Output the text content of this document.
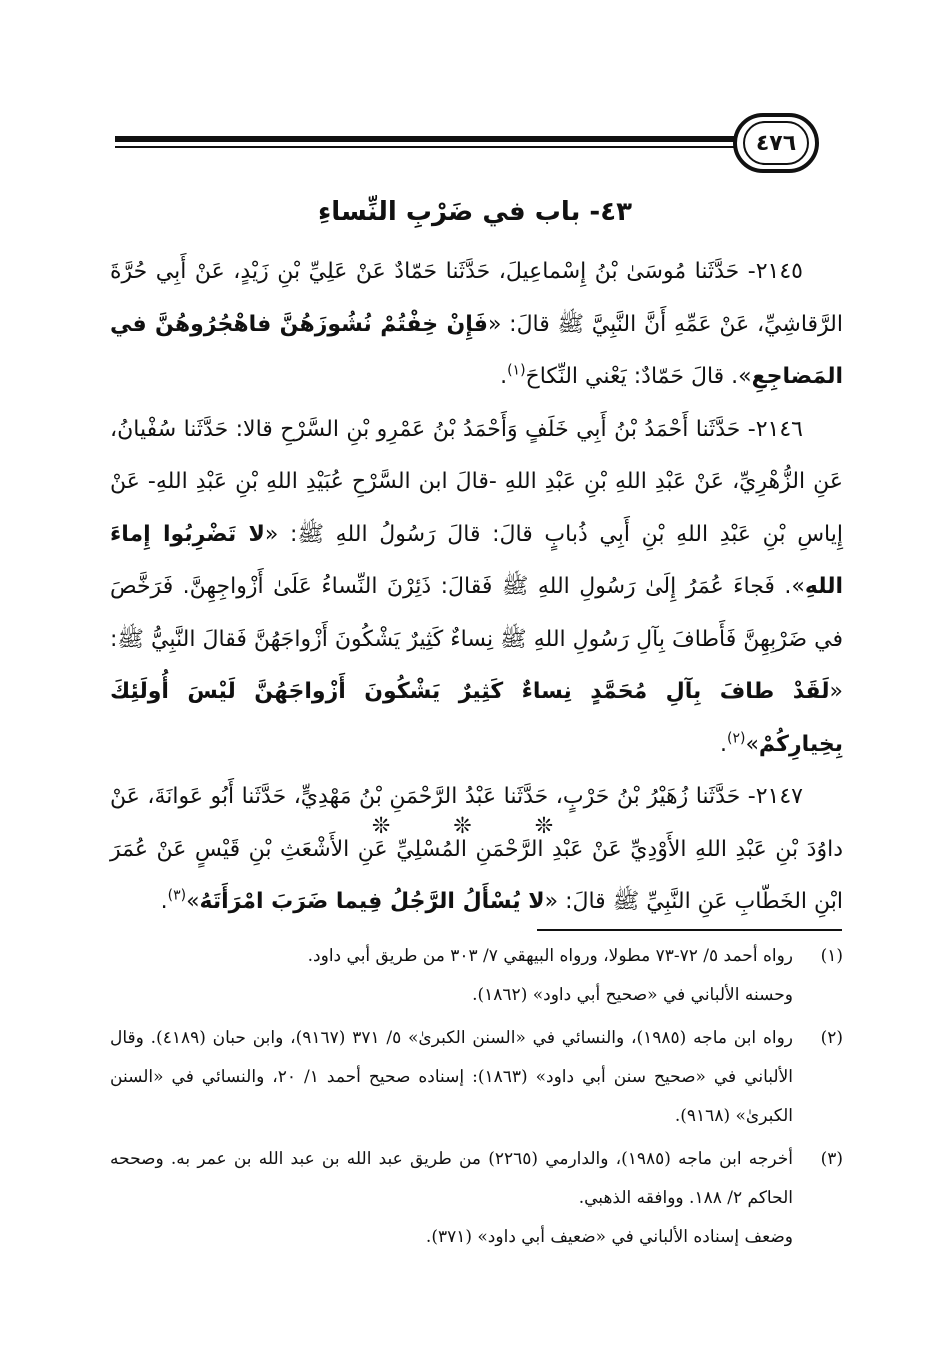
٤٧٦
٤٣- باب في ضَرْبِ النِّساءِ

٢١٤٥- حَدَّثَنا مُوسَىٰ بْنُ إِسْماعِيلَ، حَدَّثَنا حَمّادٌ عَنْ عَلِيِّ بْنِ زَيْدٍ، عَنْ أَبِي حُرَّةَ الرَّقاشِيِّ، عَنْ عَمِّهِ أَنَّ النَّبِيَّ ﷺ قالَ: «فَإِنْ خِفْتُمْ نُشُوزَهُنَّ فاهْجُرُوهُنَّ في المَضاجِعِ». قالَ حَمّادٌ: يَعْني النِّكاحَ$^{(١)}$.

٢١٤٦- حَدَّثَنا أَحْمَدُ بْنُ أَبِي خَلَفٍ وَأَحْمَدُ بْنُ عَمْرِو بْنِ السَّرْحِ قالا: حَدَّثَنا سُفْيانُ، عَنِ الزُّهْرِيِّ، عَنْ عَبْدِ اللهِ بْنِ عَبْدِ اللهِ -قالَ ابن السَّرْحِ عُبَيْدِ اللهِ بْنِ عَبْدِ اللهِ- عَنْ إِياسِ بْنِ عَبْدِ اللهِ بْنِ أَبِي ذُبابٍ قالَ: قالَ رَسُولُ اللهِ ﷺ: «لا تَضْرِبُوا إِماءَ اللهِ». فَجاءَ عُمَرُ إِلَىٰ رَسُولِ اللهِ ﷺ فَقالَ: ذَئِرْنَ النِّساءُ عَلَىٰ أَزْواجِهِنَّ. فَرَخَّصَ في ضَرْبِهِنَّ فَأَطافَ بِآلِ رَسُولِ اللهِ ﷺ نِساءٌ كَثِيرٌ يَشْكُونَ أَزْواجَهُنَّ فَقالَ النَّبِيُّ ﷺ: «لَقَدْ طافَ بِآلِ مُحَمَّدٍ نِساءٌ كَثِيرٌ يَشْكُونَ أَزْواجَهُنَّ لَيْسَ أُولَئِكَ بِخِيارِكُمْ»$^{(٢)}$.

٢١٤٧- حَدَّثَنا زُهَيْرُ بْنُ حَرْبٍ، حَدَّثَنا عَبْدُ الرَّحْمَنِ بْنُ مَهْدِيٍّ، حَدَّثَنا أَبُو عَوانَةَ، عَنْ داوُدَ بْنِ عَبْدِ اللهِ الأَوْدِيِّ عَنْ عَبْدِ الرَّحْمَنِ المُسْلِيِّ عَنِ الأَشْعَثِ بْنِ قَيْسٍ عَنْ عُمَرَ ابْنِ الخَطّابِ عَنِ النَّبِيِّ ﷺ قالَ: «لا يُسْأَلُ الرَّجُلُ فِيما ضَرَبَ امْرَأَتَهُ»$^{(٣)}$.

❊ ❊ ❊
(١)
رواه أحمد ٥/ ٧٢-٧٣ مطولا، ورواه البيهقي ٧/ ٣٠٣ من طريق أبي داود.
وحسنه الألباني في «صحيح أبي داود» (١٨٦٢).
(٢)
رواه ابن ماجه (١٩٨٥)، والنسائي في «السنن الكبرىٰ» ٥/ ٣٧١ (٩١٦٧)، وابن حبان (٤١٨٩). وقال الألباني في «صحيح سنن أبي داود» (١٨٦٣): إسناده صحيح أحمد ١/ ٢٠، والنسائي في «السنن الكبرىٰ» (٩١٦٨).
(٣)
أخرجه ابن ماجه (١٩٨٥)، والدارمي (٢٢٦٥) من طريق عبد الله بن عبد الله بن عمر به. وصححه الحاكم ٢/ ١٨٨. ووافقه الذهبي.
وضعف إسناده الألباني في «ضعيف أبي داود» (٣٧١).
